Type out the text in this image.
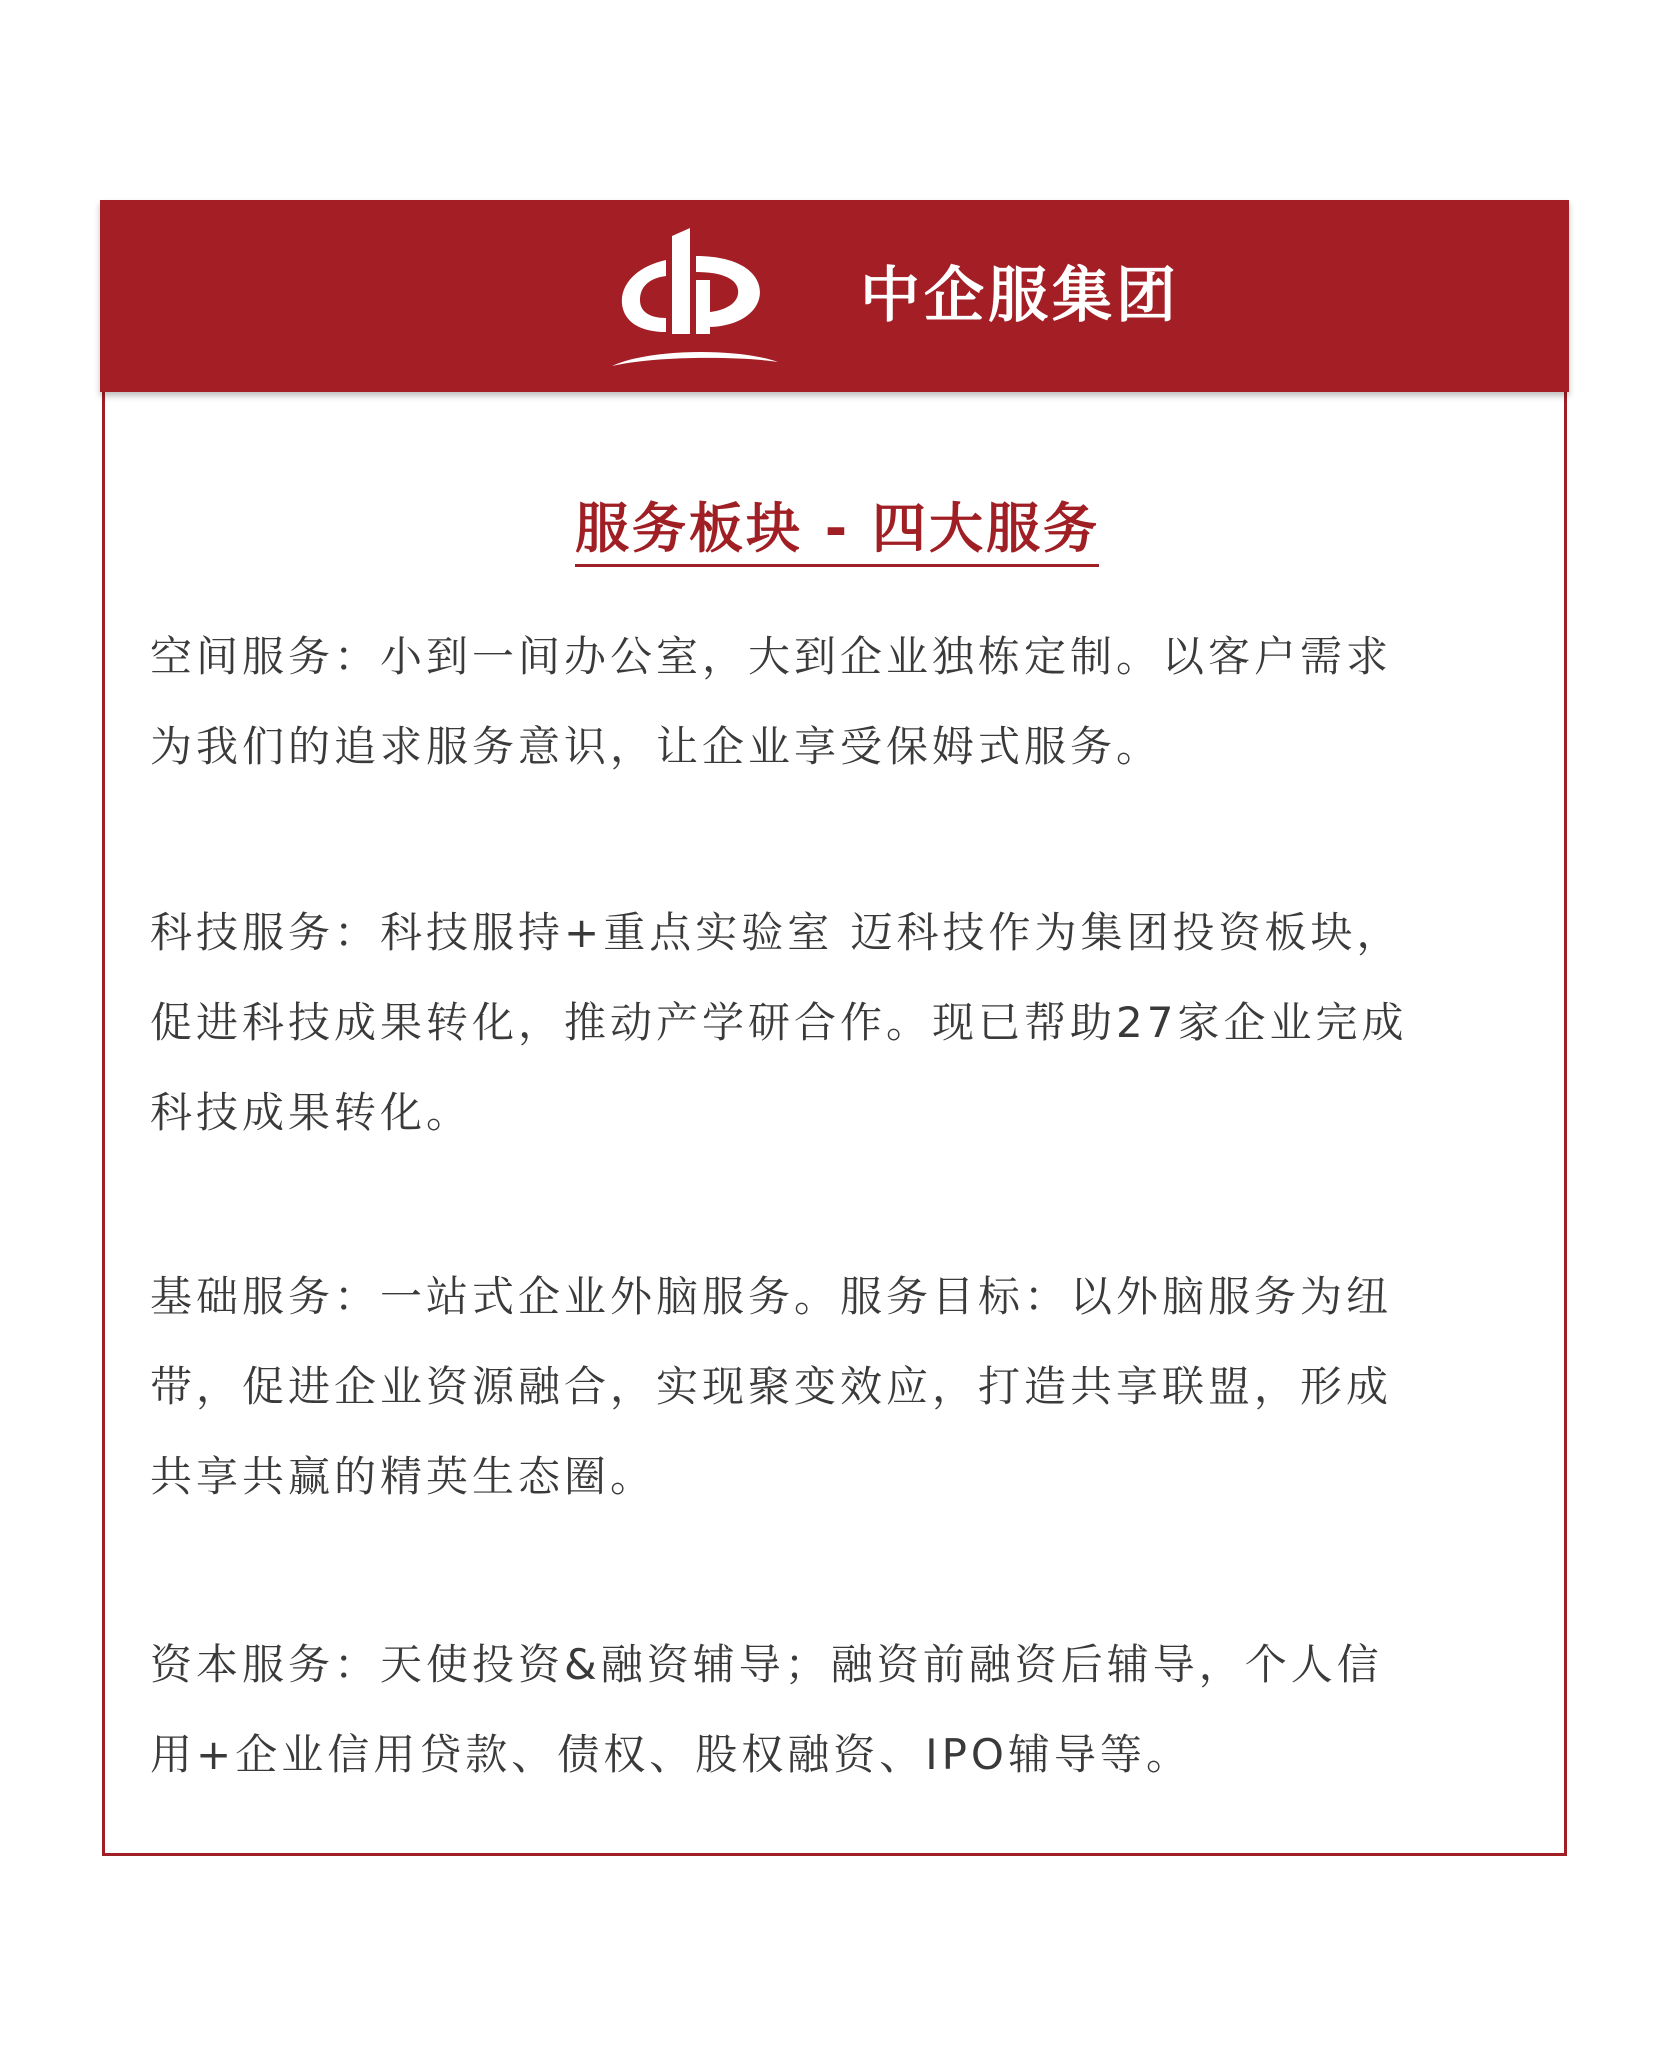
中企服集团
服务板块 - 四大服务
空间服务：小到一间办公室，大到企业独栋定制。以客户需求
为我们的追求服务意识，让企业享受保姆式服务。
科技服务：科技服持+重点实验室 迈科技作为集团投资板块，
促进科技成果转化，推动产学研合作。现已帮助27家企业完成
科技成果转化。
基础服务：一站式企业外脑服务。服务目标：以外脑服务为纽
带，促进企业资源融合，实现聚变效应，打造共享联盟，形成
共享共赢的精英生态圈。
资本服务：天使投资&融资辅导；融资前融资后辅导，个人信
用+企业信用贷款、债权、股权融资、IPO辅导等。
